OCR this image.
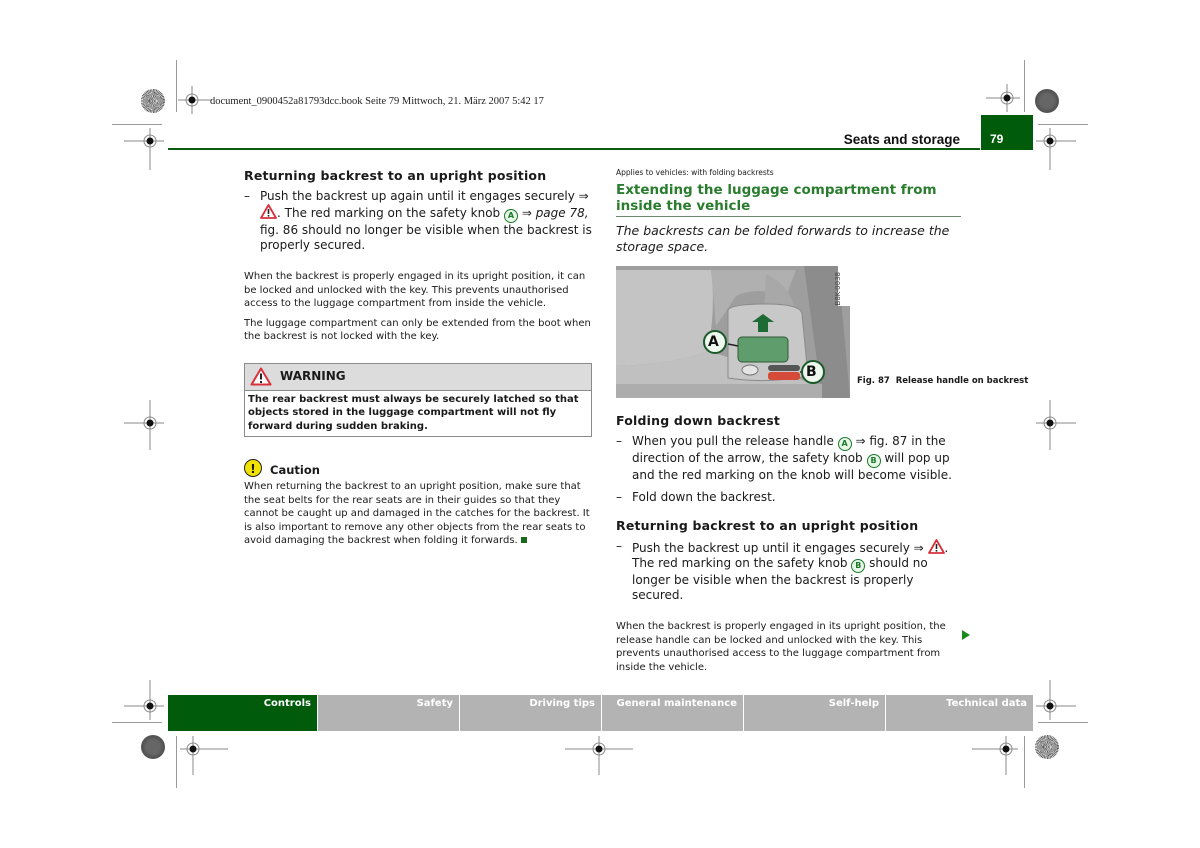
document_0900452a81793dcc.book Seite 79 Mittwoch, 21. März 2007 5:42 17
Seats and storage	79
Returning backrest to an upright position
– Push the backrest up again until it engages securely ⇒ . The red marking on the safety knob A ⇒ page 78, fig. 86 should no longer be visible when the backrest is properly secured.

When the backrest is properly engaged in its upright position, it can be locked and unlocked with the key. This prevents unauthorised access to the luggage compartment from inside the vehicle.

The luggage compartment can only be extended from the boot when the backrest is not locked with the key.

WARNING
The rear backrest must always be securely latched so that objects stored in the luggage compartment will not fly forward during sudden braking.
!	Caution

When returning the backrest to an upright position, make sure that the seat belts for the rear seats are in their guides so that they cannot be caught up and damaged in the catches for the backrest. It is also important to remove any other objects from the rear seats to avoid damaging the backrest when folding it forwards.

Applies to vehicles: with folding backrests

Extending the luggage compartment from inside the vehicle

The backrests can be folded forwards to increase the storage space.

A
B
B8K-0038
Fig. 87 Release handle on backrest
Folding down backrest
– When you pull the release handle A ⇒ fig. 87 in the direction of the arrow, the safety knob B will pop up and the red marking on the knob will become visible.
– Fold down the backrest.
Returning backrest to an upright position
– Push the backrest up until it engages securely ⇒ . The red marking on the safety knob B should no longer be visible when the backrest is properly secured.

When the backrest is properly engaged in its upright position, the release handle can be locked and unlocked with the key. This prevents unauthorised access to the luggage compartment from inside the vehicle.

Controls	Safety	Driving tips	General maintenance	Self-help	Technical data
